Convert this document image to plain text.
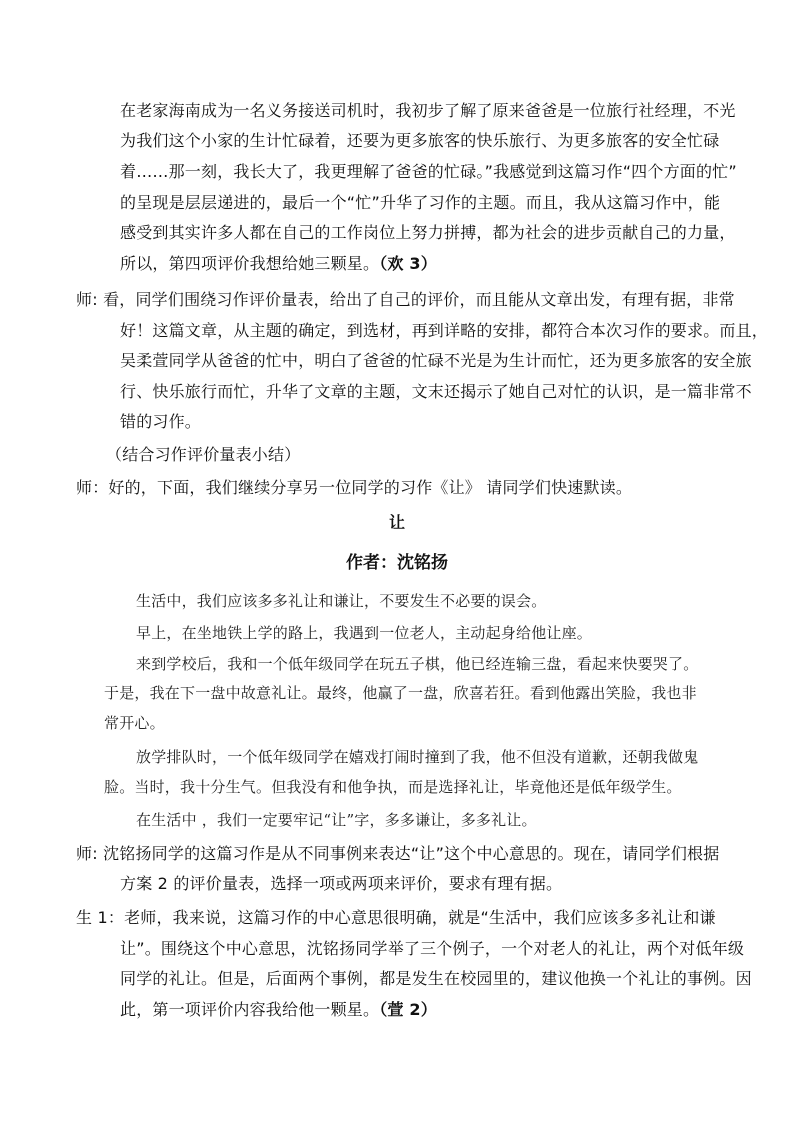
在老家海南成为一名义务接送司机时，我初步了解了原来爸爸是一位旅行社经理，不光
为我们这个小家的生计忙碌着，还要为更多旅客的快乐旅行、为更多旅客的安全忙碌
着……那一刻，我长大了，我更理解了爸爸的忙碌。”我感觉到这篇习作“四个方面的忙”
的呈现是层层递进的，最后一个“忙”升华了习作的主题。而且，我从这篇习作中，能
感受到其实许多人都在自己的工作岗位上努力拼搏，都为社会的进步贡献自己的力量，
所以，第四项评价我想给她三颗星。（欢 3）
师: 看，同学们围绕习作评价量表，给出了自己的评价，而且能从文章出发，有理有据，非常
好！这篇文章，从主题的确定，到选材，再到详略的安排，都符合本次习作的要求。而且，
吴柔萱同学从爸爸的忙中，明白了爸爸的忙碌不光是为生计而忙，还为更多旅客的安全旅
行、快乐旅行而忙，升华了文章的主题，文末还揭示了她自己对忙的认识，是一篇非常不
错的习作。
（结合习作评价量表小结）
师：好的，下面，我们继续分享另一位同学的习作《让》 请同学们快速默读。
让
作者：沈铭扬
生活中，我们应该多多礼让和谦让，不要发生不必要的误会。
早上，在坐地铁上学的路上，我遇到一位老人，主动起身给他让座。
来到学校后，我和一个低年级同学在玩五子棋，他已经连输三盘，看起来快要哭了。
于是，我在下一盘中故意礼让。最终，他赢了一盘，欣喜若狂。看到他露出笑脸，我也非
常开心。
放学排队时，一个低年级同学在嬉戏打闹时撞到了我，他不但没有道歉，还朝我做鬼
脸。当时，我十分生气。但我没有和他争执，而是选择礼让，毕竟他还是低年级学生。
在生活中 ，我们一定要牢记“让”字，多多谦让，多多礼让。
师: 沈铭扬同学的这篇习作是从不同事例来表达“让”这个中心意思的。现在，请同学们根据
方案 2 的评价量表，选择一项或两项来评价，要求有理有据。
生 1：老师，我来说，这篇习作的中心意思很明确，就是“生活中，我们应该多多礼让和谦
让”。围绕这个中心意思，沈铭扬同学举了三个例子，一个对老人的礼让，两个对低年级
同学的礼让。但是，后面两个事例，都是发生在校园里的，建议他换一个礼让的事例。因
此，第一项评价内容我给他一颗星。（萱 2）
